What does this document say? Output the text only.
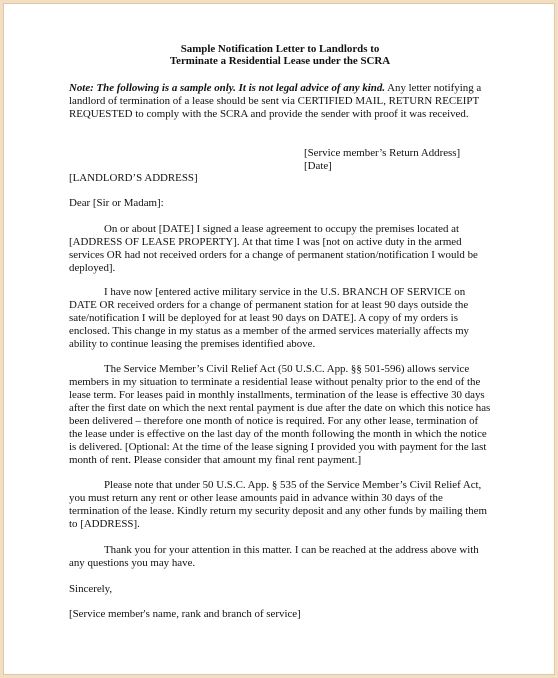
Sample Notification Letter to Landlords to
Terminate a Residential Lease under the SCRA
Note: The following is a sample only. It is not legal advice of any kind. Any letter notifying a
landlord of termination of a lease should be sent via CERTIFIED MAIL, RETURN RECEIPT
REQUESTED to comply with the SCRA and provide the sender with proof it was received.
[Service member’s Return Address]
[Date]
[LANDLORD’S ADDRESS]
Dear [Sir or Madam]:
On or about [DATE] I signed a lease agreement to occupy the premises located at
[ADDRESS OF LEASE PROPERTY]. At that time I was [not on active duty in the armed
services OR had not received orders for a change of permanent station/notification I would be
deployed].
I have now [entered active military service in the U.S. BRANCH OF SERVICE on
DATE OR received orders for a change of permanent station for at least 90 days outside the
sate/notification I will be deployed for at least 90 days on DATE]. A copy of my orders is
enclosed. This change in my status as a member of the armed services materially affects my
ability to continue leasing the premises identified above.
The Service Member’s Civil Relief Act (50 U.S.C. App. §§ 501-596) allows service
members in my situation to terminate a residential lease without penalty prior to the end of the
lease term. For leases paid in monthly installments, termination of the lease is effective 30 days
after the first date on which the next rental payment is due after the date on which this notice has
been delivered – therefore one month of notice is required. For any other lease, termination of
the lease under is effective on the last day of the month following the month in which the notice
is delivered. [Optional: At the time of the lease signing I provided you with payment for the last
month of rent. Please consider that amount my final rent payment.]
Please note that under 50 U.S.C. App. § 535 of the Service Member’s Civil Relief Act,
you must return any rent or other lease amounts paid in advance within 30 days of the
termination of the lease. Kindly return my security deposit and any other funds by mailing them
to [ADDRESS].
Thank you for your attention in this matter. I can be reached at the address above with
any questions you may have.
Sincerely,
[Service member's name, rank and branch of service]
